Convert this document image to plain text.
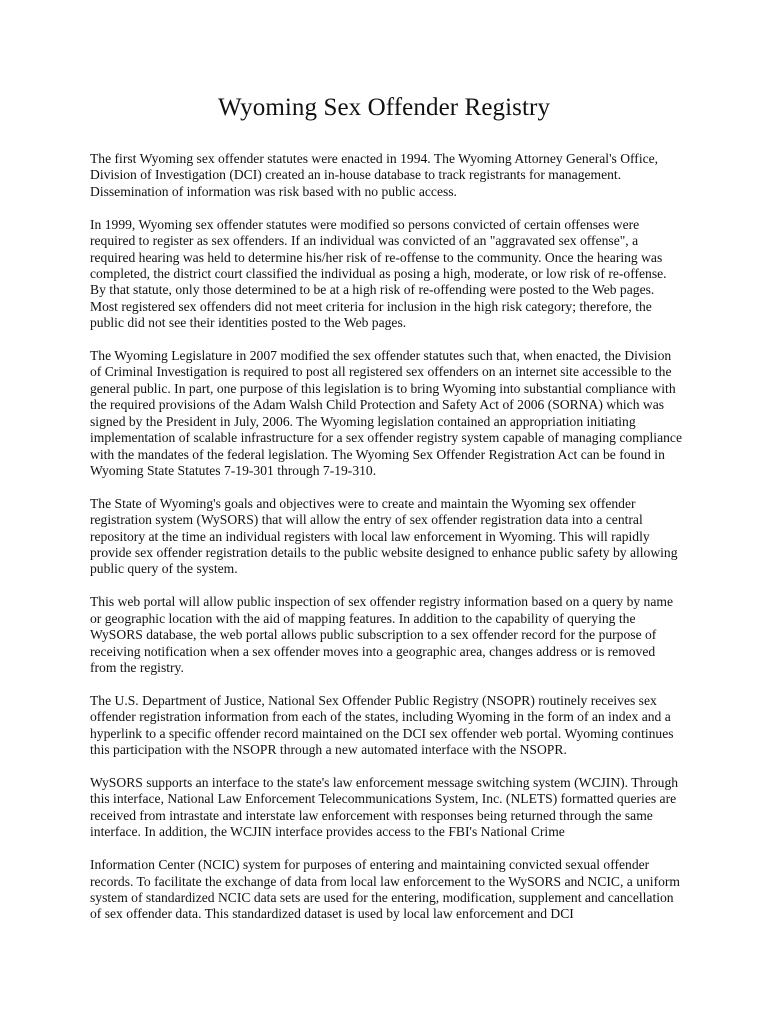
Wyoming Sex Offender Registry

The first Wyoming sex offender statutes were enacted in 1994. The Wyoming Attorney General's Office, Division of Investigation (DCI) created an in-house database to track registrants for management. Dissemination of information was risk based with no public access.

In 1999, Wyoming sex offender statutes were modified so persons convicted of certain offenses were required to register as sex offenders. If an individual was convicted of an "aggravated sex offense", a required hearing was held to determine his/her risk of re-offense to the community. Once the hearing was completed, the district court classified the individual as posing a high, moderate, or low risk of re-offense. By that statute, only those determined to be at a high risk of re-offending were posted to the Web pages. Most registered sex offenders did not meet criteria for inclusion in the high risk category; therefore, the public did not see their identities posted to the Web pages.

The Wyoming Legislature in 2007 modified the sex offender statutes such that, when enacted, the Division of Criminal Investigation is required to post all registered sex offenders on an internet site accessible to the general public. In part, one purpose of this legislation is to bring Wyoming into substantial compliance with the required provisions of the Adam Walsh Child Protection and Safety Act of 2006 (SORNA) which was signed by the President in July, 2006. The Wyoming legislation contained an appropriation initiating implementation of scalable infrastructure for a sex offender registry system capable of managing compliance with the mandates of the federal legislation. The Wyoming Sex Offender Registration Act can be found in Wyoming State Statutes 7-19-301 through 7-19-310.

The State of Wyoming's goals and objectives were to create and maintain the Wyoming sex offender registration system (WySORS) that will allow the entry of sex offender registration data into a central repository at the time an individual registers with local law enforcement in Wyoming. This will rapidly provide sex offender registration details to the public website designed to enhance public safety by allowing public query of the system.

This web portal will allow public inspection of sex offender registry information based on a query by name or geographic location with the aid of mapping features. In addition to the capability of querying the WySORS database, the web portal allows public subscription to a sex offender record for the purpose of receiving notification when a sex offender moves into a geographic area, changes address or is removed from the registry.

The U.S. Department of Justice, National Sex Offender Public Registry (NSOPR) routinely receives sex offender registration information from each of the states, including Wyoming in the form of an index and a hyperlink to a specific offender record maintained on the DCI sex offender web portal. Wyoming continues this participation with the NSOPR through a new automated interface with the NSOPR.

WySORS supports an interface to the state's law enforcement message switching system (WCJIN). Through this interface, National Law Enforcement Telecommunications System, Inc. (NLETS) formatted queries are received from intrastate and interstate law enforcement with responses being returned through the same interface. In addition, the WCJIN interface provides access to the FBI's National Crime

Information Center (NCIC) system for purposes of entering and maintaining convicted sexual offender records. To facilitate the exchange of data from local law enforcement to the WySORS and NCIC, a uniform system of standardized NCIC data sets are used for the entering, modification, supplement and cancellation of sex offender data. This standardized dataset is used by local law enforcement and DCI
